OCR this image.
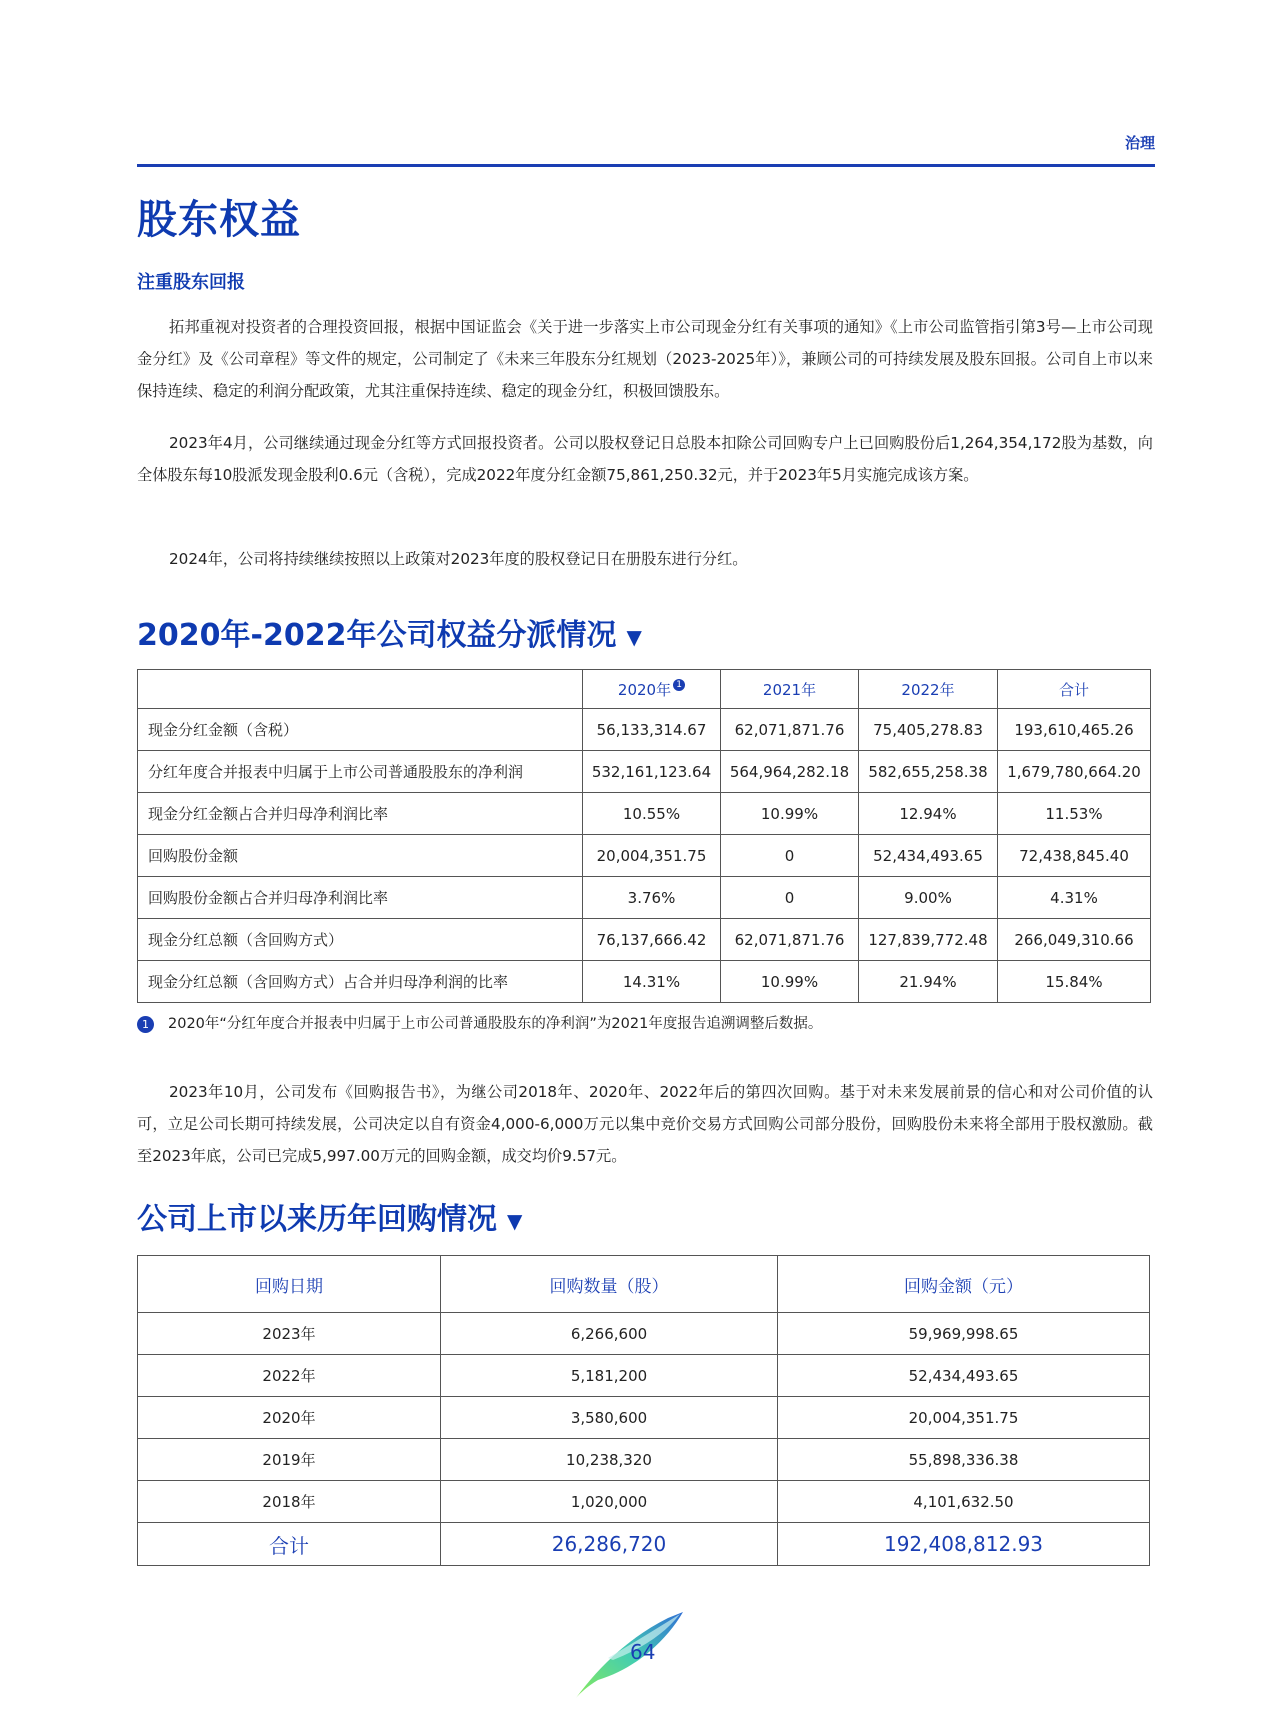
治理
股东权益
注重股东回报
拓邦重视对投资者的合理投资回报，根据中国证监会《关于进一步落实上市公司现金分红有关事项的通知》《上市公司监管指引第3号—上市公司现金分红》及《公司章程》等文件的规定，公司制定了《未来三年股东分红规划（2023-2025年）》，兼顾公司的可持续发展及股东回报。公司自上市以来保持连续、稳定的利润分配政策，尤其注重保持连续、稳定的现金分红，积极回馈股东。
2023年4月，公司继续通过现金分红等方式回报投资者。公司以股权登记日总股本扣除公司回购专户上已回购股份后1,264,354,172股为基数，向全体股东每10股派发现金股利0.6元（含税），完成2022年度分红金额75,861,250.32元，并于2023年5月实施完成该方案。
2024年，公司将持续继续按照以上政策对2023年度的股权登记日在册股东进行分红。
2020年-2022年公司权益分派情况 ▼
	2020年 $^1$	2021年	2022年	合计
现金分红金额（含税）	56,133,314.67	62,071,871.76	75,405,278.83	193,610,465.26
分红年度合并报表中归属于上市公司普通股股东的净利润	532,161,123.64	564,964,282.18	582,655,258.38	1,679,780,664.20
现金分红金额占合并归母净利润比率	10.55%	10.99%	12.94%	11.53%
回购股份金额	20,004,351.75	0	52,434,493.65	72,438,845.40
回购股份金额占合并归母净利润比率	3.76%	0	9.00%	4.31%
现金分红总额（含回购方式）	76,137,666.42	62,071,871.76	127,839,772.48	266,049,310.66
现金分红总额（含回购方式）占合并归母净利润的比率	14.31%	10.99%	21.94%	15.84%
1 2020年“分红年度合并报表中归属于上市公司普通股股东的净利润”为2021年度报告追溯调整后数据。
2023年10月，公司发布《回购报告书》，为继公司2018年、2020年、2022年后的第四次回购。基于对未来发展前景的信心和对公司价值的认可，立足公司长期可持续发展，公司决定以自有资金4,000-6,000万元以集中竞价交易方式回购公司部分股份，回购股份未来将全部用于股权激励。截至2023年底，公司已完成5,997.00万元的回购金额，成交均价9.57元。
公司上市以来历年回购情况 ▼
回购日期	回购数量（股）	回购金额（元）
2023年	6,266,600	59,969,998.65
2022年	5,181,200	52,434,493.65
2020年	3,580,600	20,004,351.75
2019年	10,238,320	55,898,336.38
2018年	1,020,000	4,101,632.50
合计	26,286,720	192,408,812.93
64
